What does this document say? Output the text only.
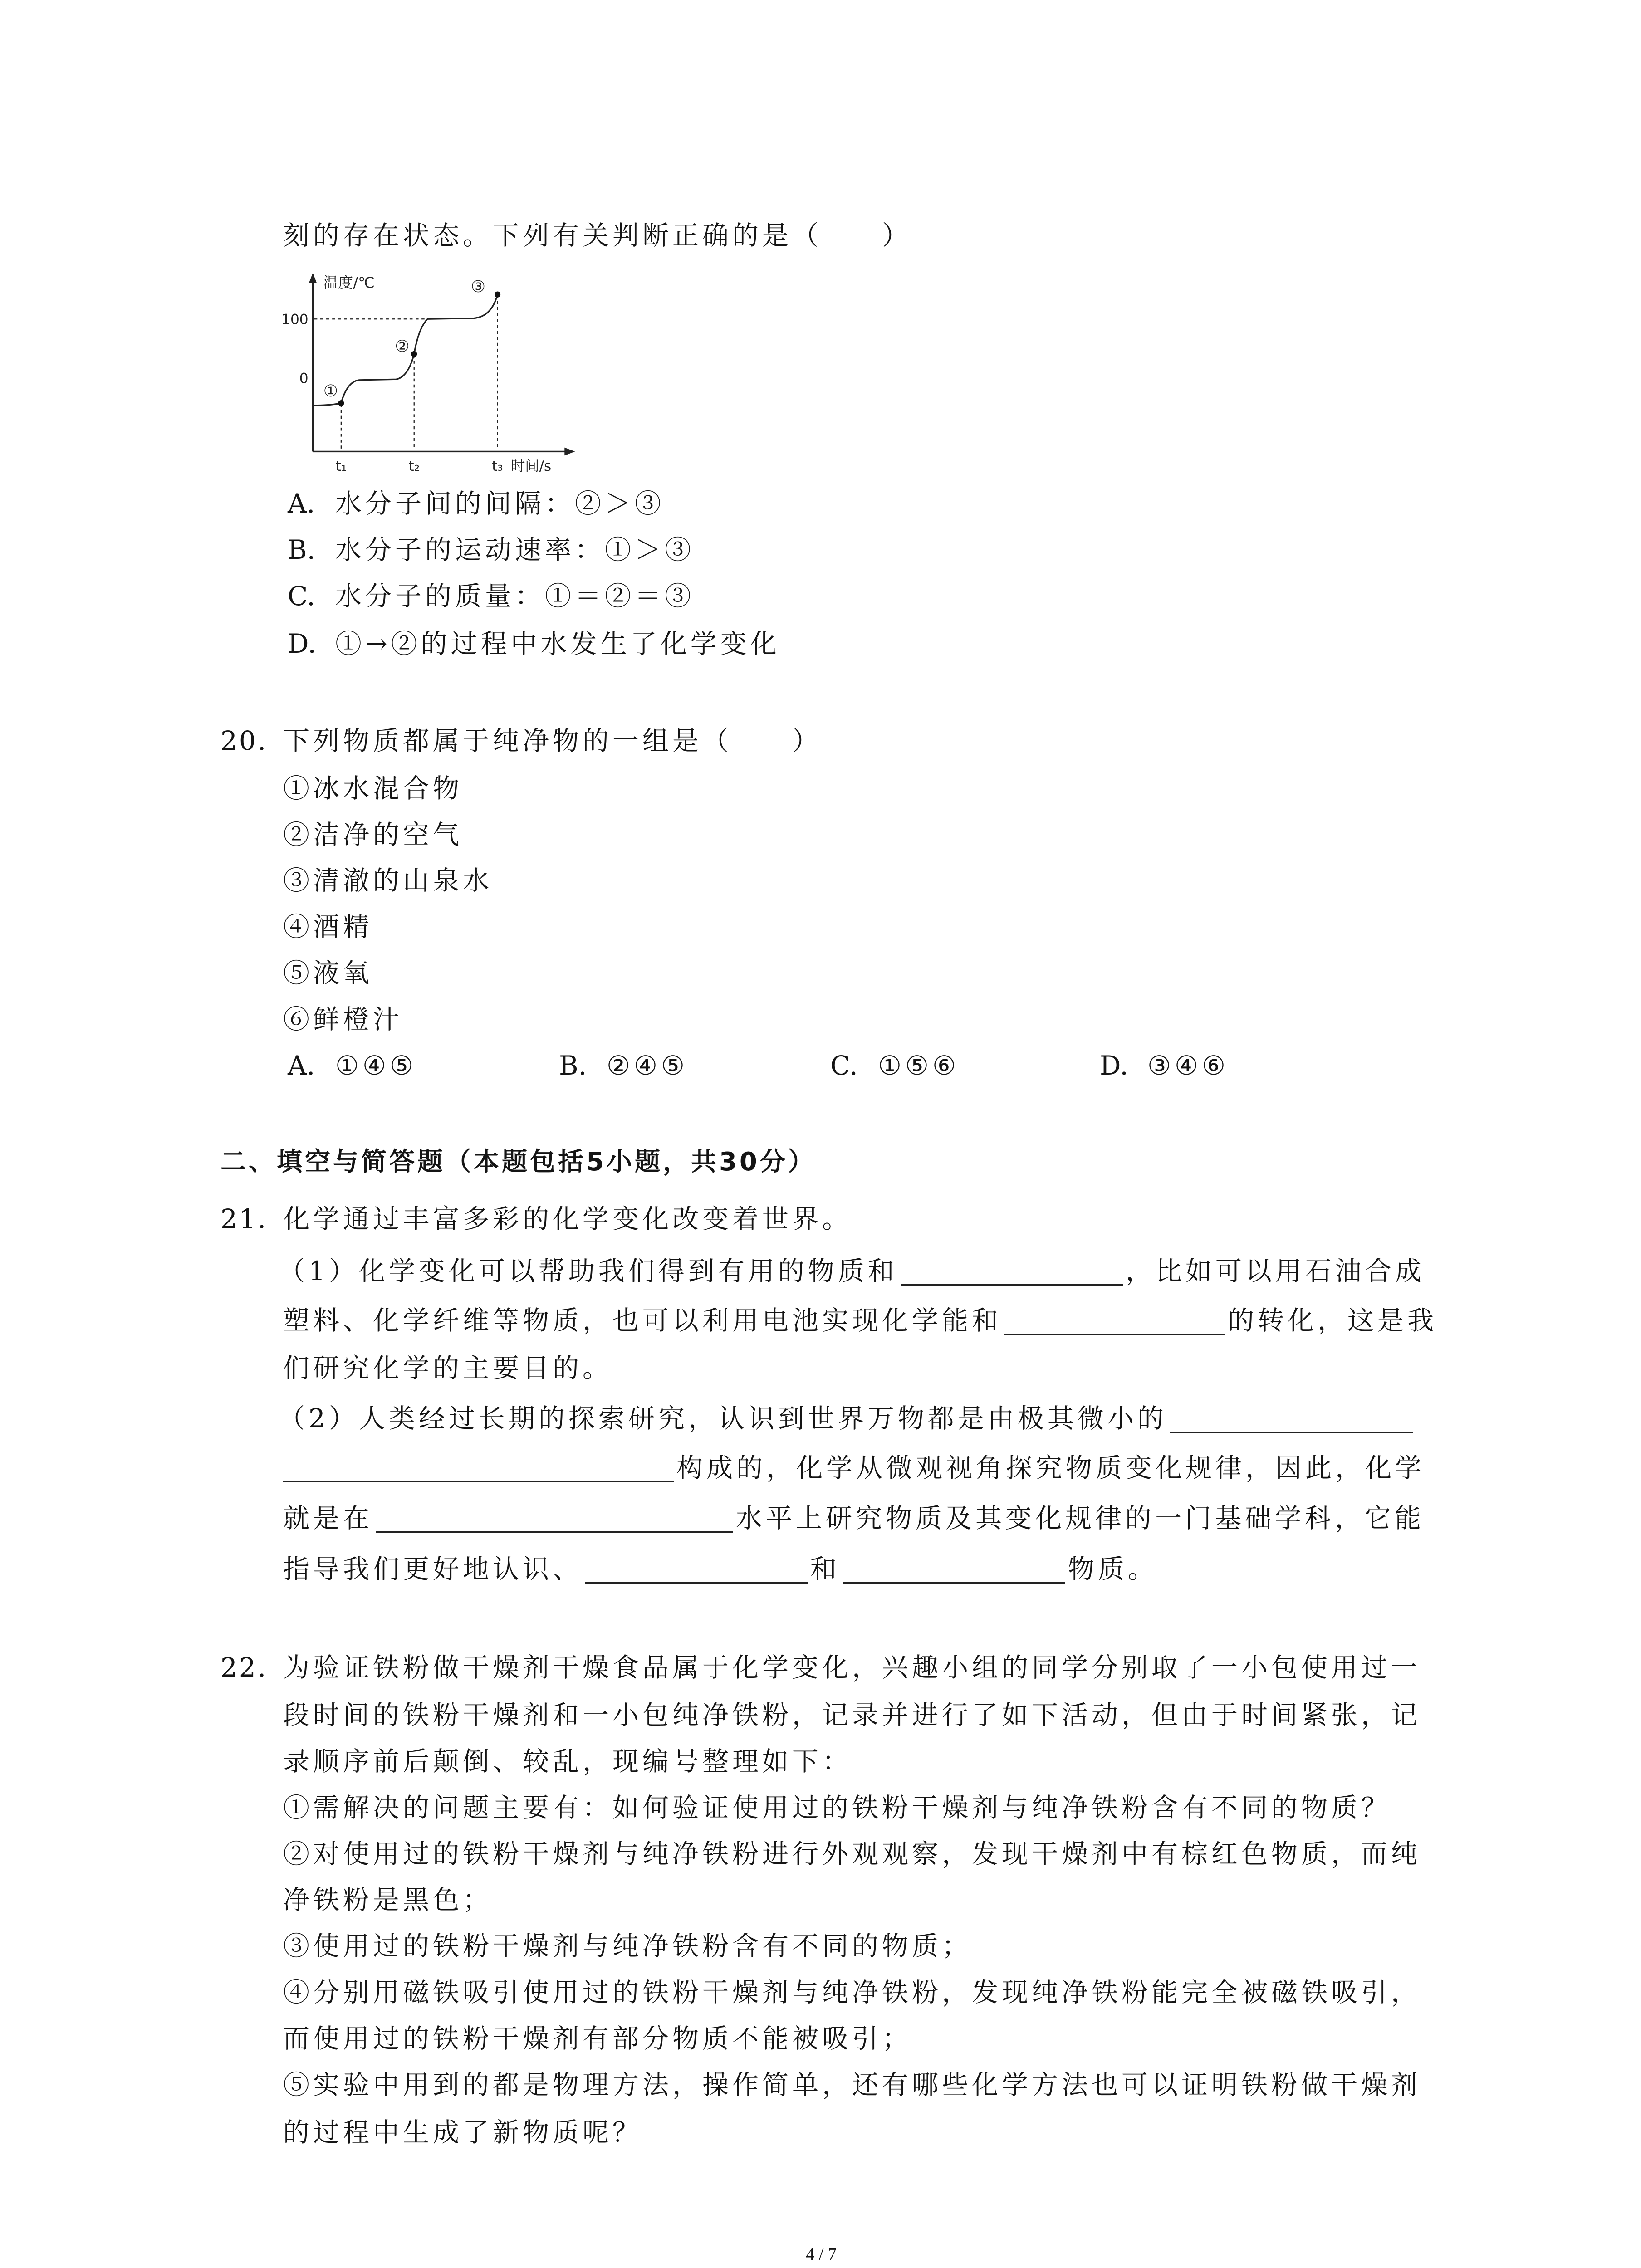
刻的存在状态。下列有关判断正确的是（　　）
温度/℃
100
0
t₁	t₂	t₃ 时间/s
①
②
③
A. 水分子间的间隔：②＞③
B. 水分子的运动速率：①＞③
C. 水分子的质量：①＝②＝③
D. ①→②的过程中水发生了化学变化
20. 下列物质都属于纯净物的一组是（　　）
①冰水混合物
②洁净的空气
③清澈的山泉水
④酒精
⑤液氧
⑥鲜橙汁
A. ①④⑤	B. ②④⑤	C. ①⑤⑥	D. ③④⑥
二、填空与简答题（本题包括5小题，共30分）
21. 化学通过丰富多彩的化学变化改变着世界。
（1）化学变化可以帮助我们得到有用的物质和	，比如可以用石油合成
塑料、化学纤维等物质，也可以利用电池实现化学能和	的转化，这是我
们研究化学的主要目的。
（2）人类经过长期的探索研究，认识到世界万物都是由极其微小的
构成的，化学从微观视角探究物质变化规律，因此，化学
就是在	水平上研究物质及其变化规律的一门基础学科，它能
指导我们更好地认识、	和	物质。
22. 为验证铁粉做干燥剂干燥食品属于化学变化，兴趣小组的同学分别取了一小包使用过一
段时间的铁粉干燥剂和一小包纯净铁粉，记录并进行了如下活动，但由于时间紧张，记
录顺序前后颠倒、较乱，现编号整理如下：
①需解决的问题主要有：如何验证使用过的铁粉干燥剂与纯净铁粉含有不同的物质？
②对使用过的铁粉干燥剂与纯净铁粉进行外观观察，发现干燥剂中有棕红色物质，而纯
净铁粉是黑色；
③使用过的铁粉干燥剂与纯净铁粉含有不同的物质；
④分别用磁铁吸引使用过的铁粉干燥剂与纯净铁粉，发现纯净铁粉能完全被磁铁吸引，
而使用过的铁粉干燥剂有部分物质不能被吸引；
⑤实验中用到的都是物理方法，操作简单，还有哪些化学方法也可以证明铁粉做干燥剂
的过程中生成了新物质呢？
4 / 7
